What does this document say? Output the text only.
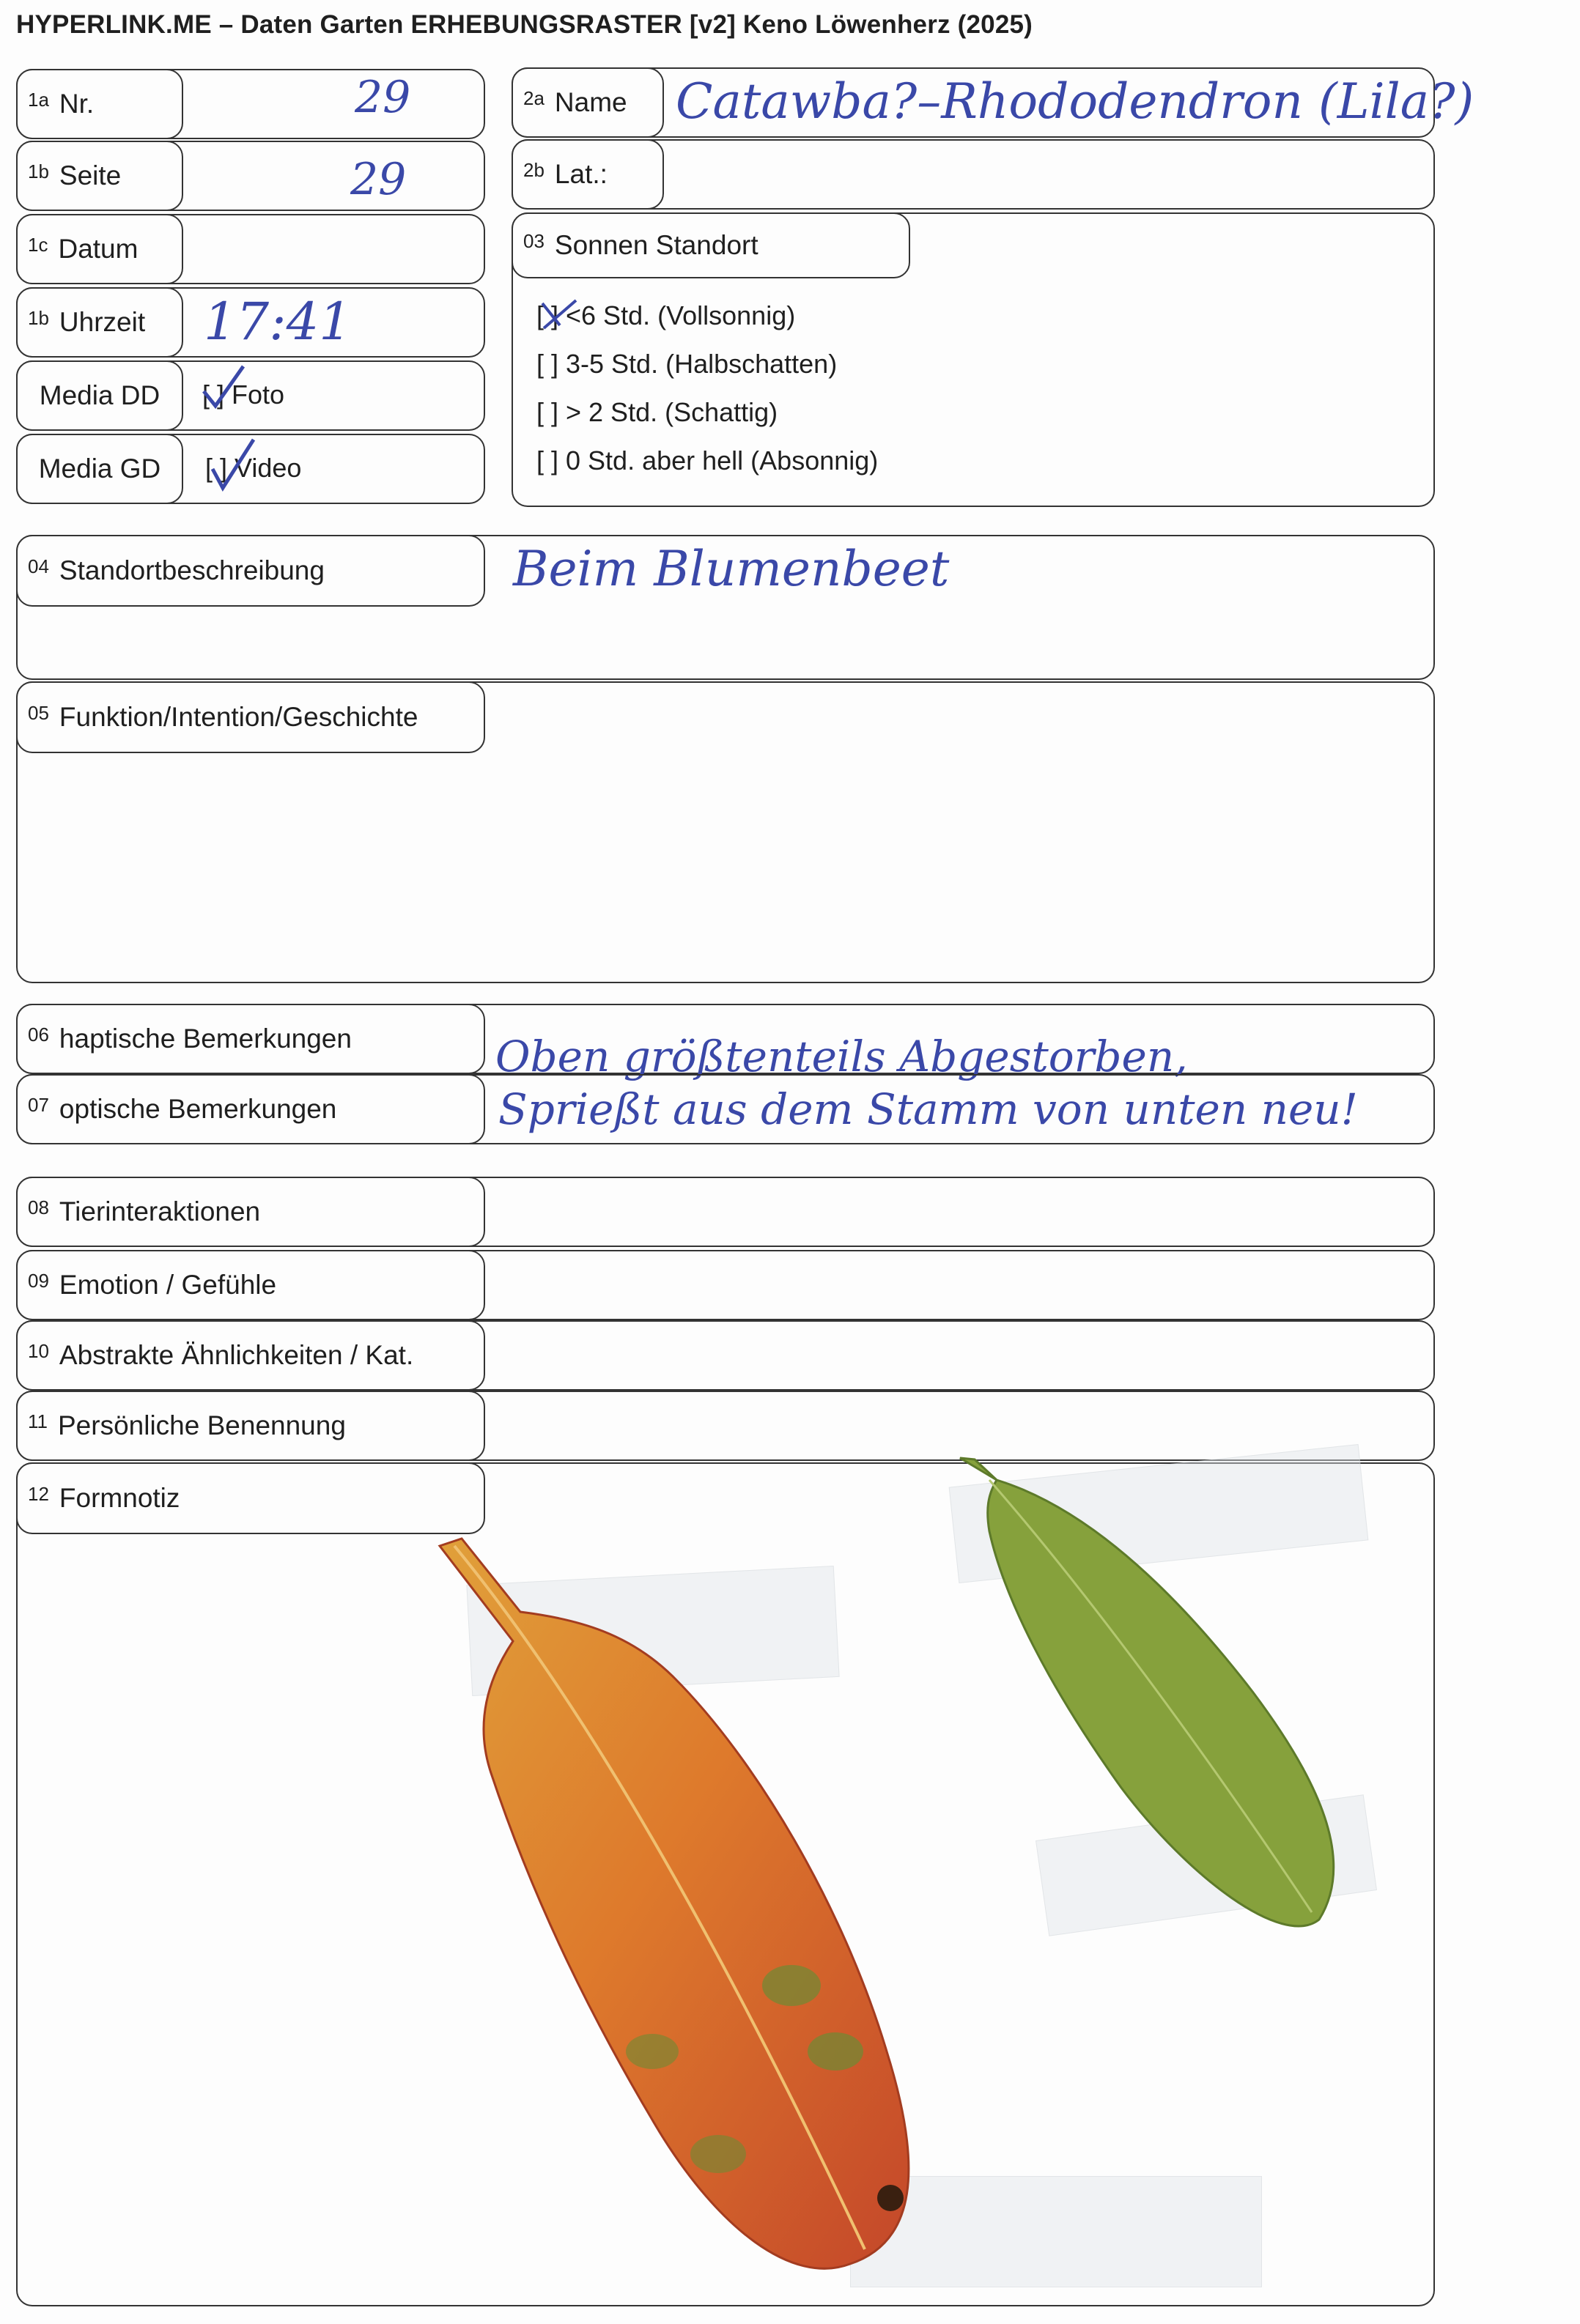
HYPERLINK.ME – Daten Garten ERHEBUNGSRASTER [v2] Keno Löwenherz (2025)
1a Nr.	29
1b Seite	29
1c Datum
1b Uhrzeit 17:41
Media DD [ ] Foto
Media GD [ ] Video
2a Name Catawba?–Rhododendron (Lila?)
2b Lat.:
03 Sonnen Standort
[ ] <6 Std. (Vollsonnig)
[ ] 3-5 Std. (Halbschatten)
[ ] > 2 Std. (Schattig)
[ ] 0 Std. aber hell (Absonnig)
04 Standortbeschreibung	Beim Blumenbeet
05 Funktion/Intention/Geschichte
06 haptische Bemerkungen	Oben größtenteils Abgestorben,
07 optische Bemerkungen	Sprießt aus dem Stamm von unten neu!
08 Tierinteraktionen
09 Emotion / Gefühle
10 Abstrakte Ähnlichkeiten / Kat.
11 Persönliche Benennung
12 Formnotiz
